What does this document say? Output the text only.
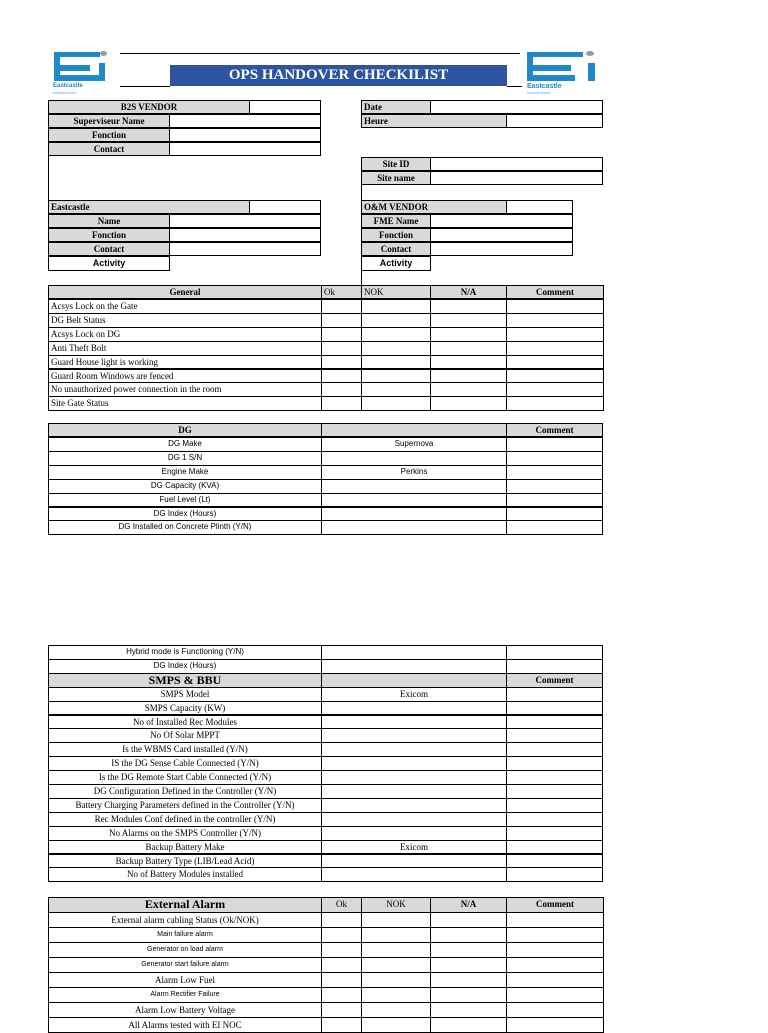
Eastcastle
Infrastructure
Eastcastle
Infrastructure
OPS HANDOVER CHECKILIST
B2S VENDOR
Superviseur Name
Fonction
Contact
Date
Heure
Site ID
Site name
Eastcastle
Name
Fonction
Contact
Activity
O&M VENDOR
FME Name
Fonction
Contact
Activity
General	Ok	NOK	N/A	Comment
Acsys Lock on the Gate
DG Belt Status
Acsys Lock on DG
Anti Theft Bolt
Guard House light is working
Guard Room Windows are fenced
No unauthorized power connection in the room
Site Gate Status
DG	Comment
DG Make	Supernova
DG 1 S/N
Engine Make	Perkins
DG Capacity (KVA)
Fuel Level (Lt)
DG Index (Hours)
DG Installed on Concrete Plinth (Y/N)
Hybrid mode is Functioning (Y/N)
DG Index (Hours)
SMPS & BBU	Comment
SMPS Model	Exicom
SMPS Capacity (KW)
No of Installed Rec Modules
No Of Solar MPPT
Is the WBMS Card installed (Y/N)
IS the DG Sense Cable Connected (Y/N)
Is the DG Remote Start Cable Connected (Y/N)
DG Configuration Defined in the Controller (Y/N)
Battery Charging Parameters defined in the Controller (Y/N)
Rec Modules Conf defined in the controller (Y/N)
No Alarms on the SMPS Controller (Y/N)
Backup Battery Make	Exicom
Backup Battery Type (LIB/Lead Acid)
No of Battery Modules installed
External Alarm	Ok	NOK	N/A	Comment
External alarm cabling Status (Ok/NOK)
Main failure alarm
Generator on load alarm
Generator start failure alarm
Alarm Low Fuel
Alarm Rectifier Failure
Alarm Low Battery Voltage
All Alarms tested with EI NOC
